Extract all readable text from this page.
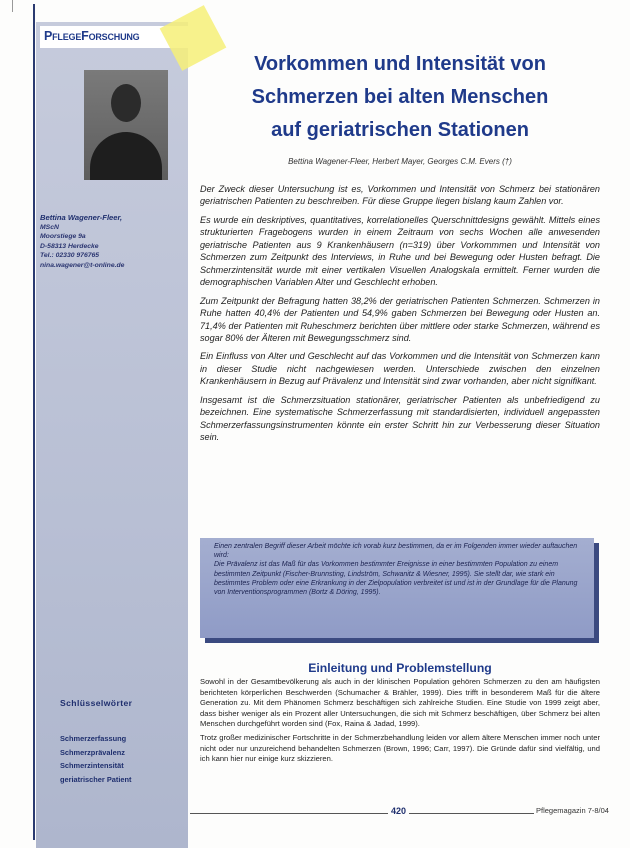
PflegeForschung
Bettina Wagener-Fleer,
MScN
Moorstiege 9a
D-58313 Herdecke
Tel.: 02330 976765
nina.wagener@t-online.de
Vorkommen und Intensität von
Schmerzen bei alten Menschen
auf geriatrischen Stationen
Bettina Wagener-Fleer, Herbert Mayer, Georges C.M. Evers (†)

Der Zweck dieser Untersuchung ist es, Vorkommen und Intensität von Schmerz bei stationären geriatrischen Patienten zu beschreiben. Für diese Gruppe liegen bislang kaum Zahlen vor.

Es wurde ein deskriptives, quantitatives, korrelationelles Querschnittdesigns gewählt. Mittels eines strukturierten Fragebogens wurden in einem Zeitraum von sechs Wochen alle anwesenden geriatrische Patienten aus 9 Krankenhäusern (n=319) über Vorkommmen und Intensität von Schmerzen zum Zeitpunkt des Interviews, in Ruhe und bei Bewegung oder Husten befragt. Die Schmerzintensität wurde mit einer vertikalen Visuellen Analogskala ermittelt. Ferner wurden die demographischen Variablen Alter und Geschlecht erhoben.

Zum Zeitpunkt der Befragung hatten 38,2% der geriatrischen Patienten Schmerzen. Schmerzen in Ruhe hatten 40,4% der Patienten und 54,9% gaben Schmerzen bei Bewegung oder Husten an. 71,4% der Patienten mit Ruheschmerz berichten über mittlere oder starke Schmerzen, während es sogar 80% der Älteren mit Bewegungsschmerz sind.

Ein Einfluss von Alter und Geschlecht auf das Vorkommen und die Intensität von Schmerzen kann in dieser Studie nicht nachgewiesen werden. Unterschiede zwischen den einzelnen Krankenhäusern in Bezug auf Prävalenz und Intensität sind zwar vorhanden, aber nicht signifikant.

Insgesamt ist die Schmerzsituation stationärer, geriatrischer Patienten als unbefriedigend zu bezeichnen. Eine systematische Schmerzerfassung mit standardisierten, individuell angepassten Schmerzerfassungsinstrumenten könnte ein erster Schritt hin zur Verbesserung dieser Situation sein.

Einen zentralen Begriff dieser Arbeit möchte ich vorab kurz bestimmen, da er im Folgenden immer wieder auftauchen wird:

Die Prävalenz ist das Maß für das Vorkommen bestimmter Ereignisse in einer bestimmten Population zu einem bestimmten Zeitpunkt (Fischer-Brunnsting, Lindström, Schwanitz & Wiesner, 1995). Sie stellt dar, wie stark ein bestimmtes Problem oder eine Erkrankung in der Zielpopulation verbreitet ist und ist in der Grundlage für die Planung von Interventionsprogrammen (Bortz & Döring, 1995).

Einleitung und Problemstellung

Sowohl in der Gesamtbevölkerung als auch in der klinischen Population gehören Schmerzen zu den am häufigsten berichteten körperlichen Beschwerden (Schumacher & Brähler, 1999). Dies trifft in besonderem Maß für die ältere Generation zu. Mit dem Phänomen Schmerz beschäftigen sich zahlreiche Studien. Eine Studie von 1999 zeigt aber, dass bisher weniger als ein Prozent aller Untersuchungen, die sich mit Schmerz beschäftigen, über Schmerz bei alten Menschen durchgeführt worden sind (Fox, Raina & Jadad, 1999).

Trotz großer medizinischer Fortschritte in der Schmerzbehandlung leiden vor allem ältere Menschen immer noch unter nicht oder nur unzureichend behandelten Schmerzen (Brown, 1996; Carr, 1997). Die Gründe dafür sind vielfältig, und ich kann hier nur einige kurz skizzieren.

Schlüsselwörter
Schmerzerfassung
Schmerzprävalenz
Schmerzintensität
geriatrischer Patient
420	Pflegemagazin 7-8/04
